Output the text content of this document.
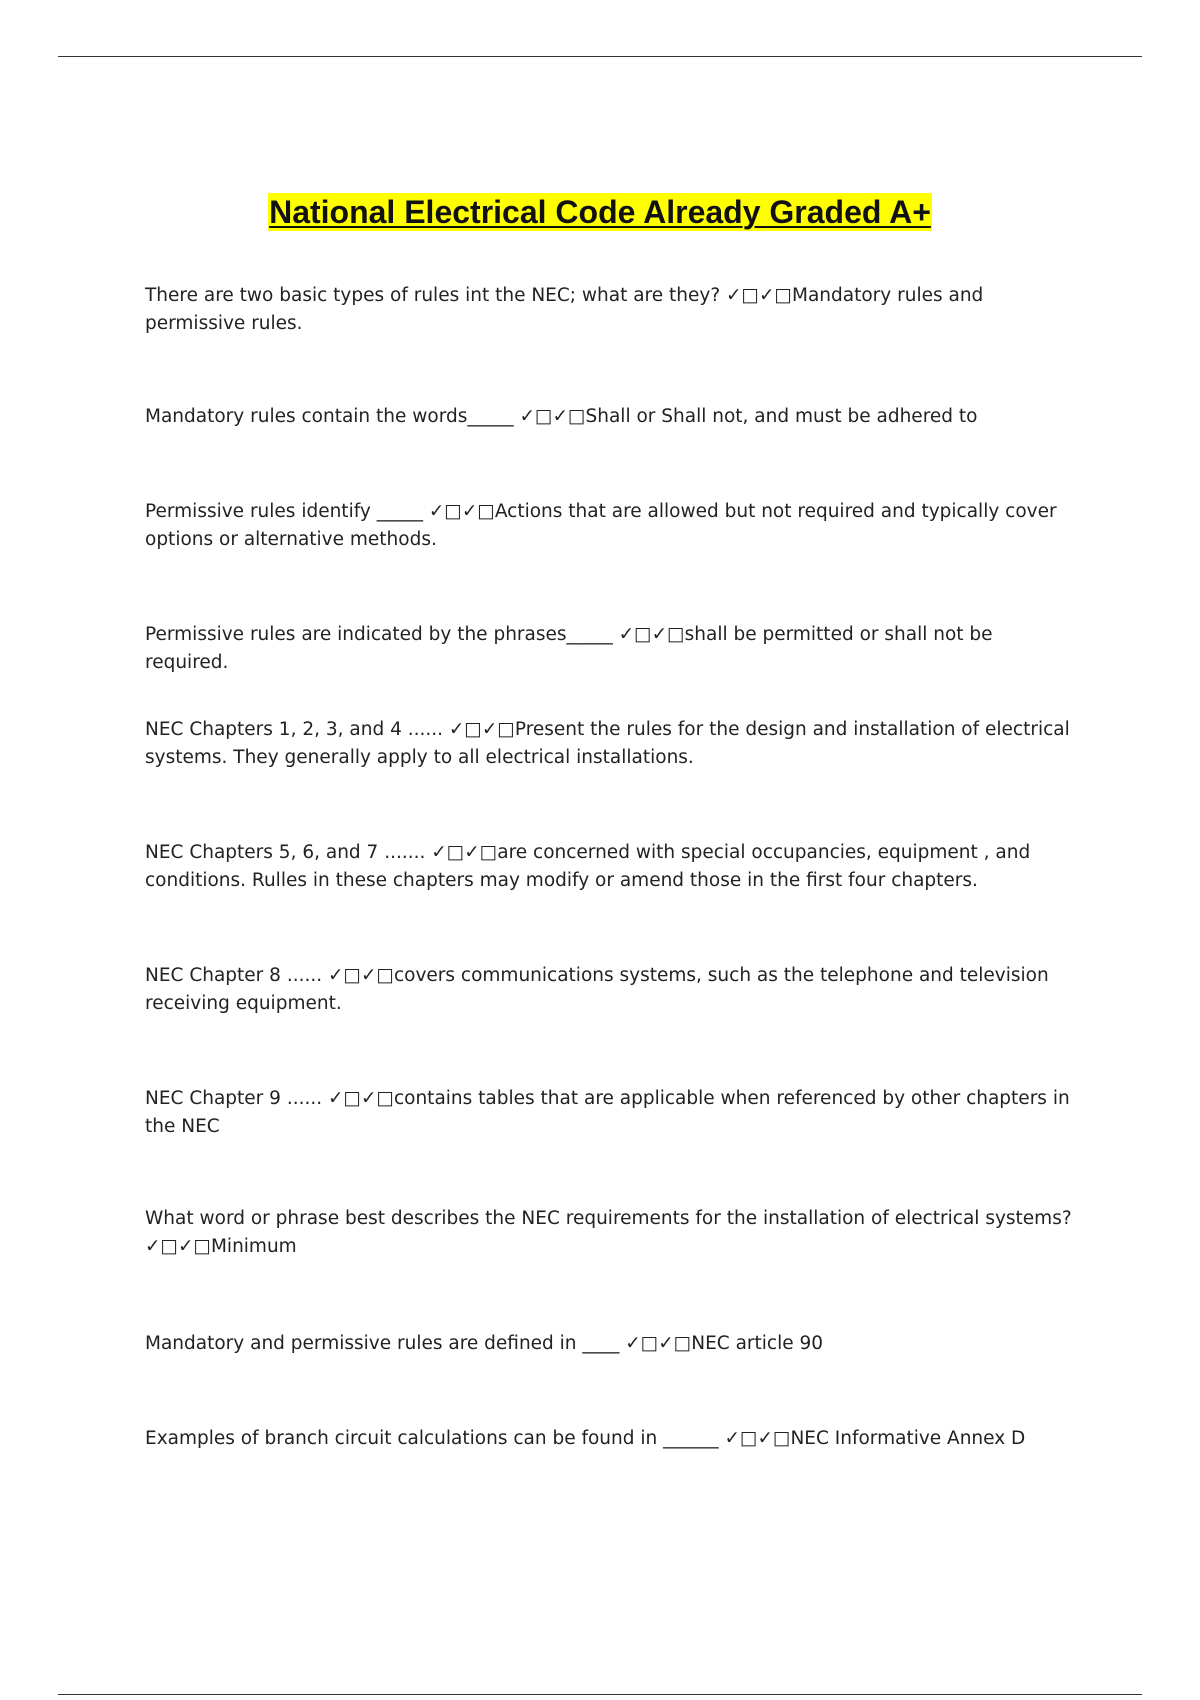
National Electrical Code Already Graded A+

There are two basic types of rules int the NEC; what are they? ✓□✓□Mandatory rules and permissive rules.

Mandatory rules contain the words_____ ✓□✓□Shall or Shall not, and must be adhered to

Permissive rules identify _____ ✓□✓□Actions that are allowed but not required and typically cover options or alternative methods.

Permissive rules are indicated by the phrases_____ ✓□✓□shall be permitted or shall not be required.

NEC Chapters 1, 2, 3, and 4 ...... ✓□✓□Present the rules for the design and installation of electrical systems. They generally apply to all electrical installations.

NEC Chapters 5, 6, and 7 ....... ✓□✓□are concerned with special occupancies, equipment , and conditions. Rulles in these chapters may modify or amend those in the first four chapters.

NEC Chapter 8 ...... ✓□✓□covers communications systems, such as the telephone and television receiving equipment.

NEC Chapter 9 ...... ✓□✓□contains tables that are applicable when referenced by other chapters in the NEC

What word or phrase best describes the NEC requirements for the installation of electrical systems? ✓□✓□Minimum

Mandatory and permissive rules are defined in ____ ✓□✓□NEC article 90

Examples of branch circuit calculations can be found in ______ ✓□✓□NEC Informative Annex D
